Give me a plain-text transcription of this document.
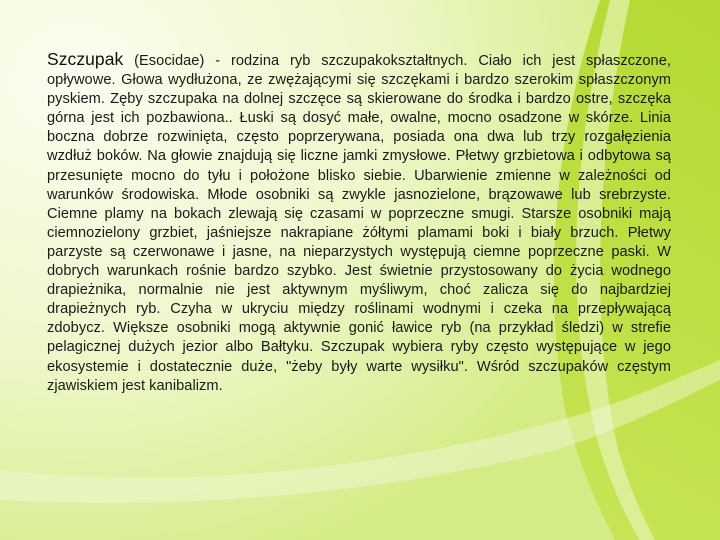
Szczupak (Esocidae) - rodzina ryb szczupakokształtnych. Ciało ich jest spłaszczone, opływowe. Głowa wydłużona, ze zwężającymi się szczękami i bardzo szerokim spłaszczonym pyskiem. Zęby szczupaka na dolnej szczęce są skierowane do środka i bardzo ostre, szczęka górna jest ich pozbawiona.. Łuski są dosyć małe, owalne, mocno osadzone w skórze. Linia boczna dobrze rozwinięta, często poprzerywana, posiada ona dwa lub trzy rozgałęzienia wzdłuż boków. Na głowie znajdują się liczne jamki zmysłowe. Płetwy grzbietowa i odbytowa są przesunięte mocno do tyłu i położone blisko siebie. Ubarwienie zmienne w zależności od warunków środowiska. Młode osobniki są zwykle jasnozielone, brązowawe lub srebrzyste. Ciemne plamy na bokach zlewają się czasami w poprzeczne smugi. Starsze osobniki mają ciemnozielony grzbiet, jaśniejsze nakrapiane żółtymi plamami boki i biały brzuch. Płetwy parzyste są czerwonawe i jasne, na nieparzystych występują ciemne poprzeczne paski. W dobrych warunkach rośnie bardzo szybko. Jest świetnie przystosowany do życia wodnego drapieżnika, normalnie nie jest aktywnym myśliwym, choć zalicza się do najbardziej drapieżnych ryb. Czyha w ukryciu między roślinami wodnymi i czeka na przepływającą zdobycz. Większe osobniki mogą aktywnie gonić ławice ryb (na przykład śledzi) w strefie pelagicznej dużych jezior albo Bałtyku. Szczupak wybiera ryby często występujące w jego ekosystemie i dostatecznie duże, "żeby były warte wysiłku". Wśród szczupaków częstym zjawiskiem jest kanibalizm.
